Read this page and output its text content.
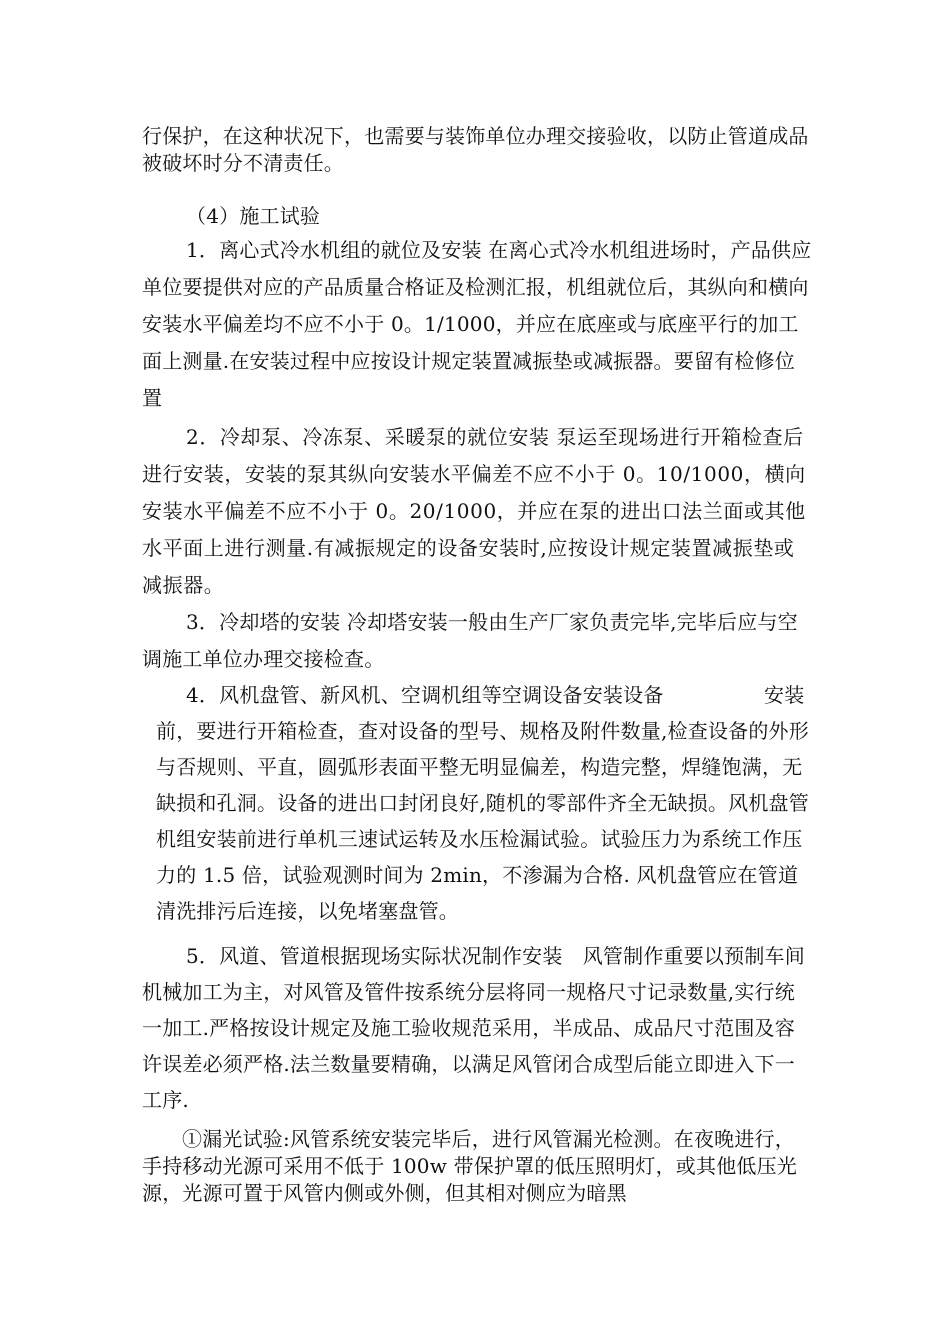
行保护，在这种状况下，也需要与装饰单位办理交接验收，以防止管道成品被破坏时分不清责任。

（4）施工试验

1．离心式冷水机组的就位及安装 在离心式冷水机组进场时，产品供应单位要提供对应的产品质量合格证及检测汇报，机组就位后，其纵向和横向安装水平偏差均不应不小于 0。1/1000，并应在底座或与底座平行的加工面上测量.在安装过程中应按设计规定装置减振垫或减振器。要留有检修位置

2．冷却泵、冷冻泵、采暖泵的就位安装 泵运至现场进行开箱检查后进行安装，安装的泵其纵向安装水平偏差不应不小于 0。10/1000，横向安装水平偏差不应不小于 0。20/1000，并应在泵的进出口法兰面或其他水平面上进行测量.有减振规定的设备安装时,应按设计规定装置减振垫或减振器。

3．冷却塔的安装 冷却塔安装一般由生产厂家负责完毕,完毕后应与空调施工单位办理交接检查。

4．风机盘管、新风机、空调机组等空调设备安装设备	安装前，要进行开箱检查，查对设备的型号、规格及附件数量,检查设备的外形与否规则、平直，圆弧形表面平整无明显偏差，构造完整，焊缝饱满，无缺损和孔洞。设备的进出口封闭良好,随机的零部件齐全无缺损。风机盘管机组安装前进行单机三速试运转及水压检漏试验。试验压力为系统工作压力的 1.5 倍，试验观测时间为 2min，不渗漏为合格. 风机盘管应在管道清洗排污后连接，以免堵塞盘管。

5．风道、管道根据现场实际状况制作安装　风管制作重要以预制车间机械加工为主，对风管及管件按系统分层将同一规格尺寸记录数量,实行统一加工.严格按设计规定及施工验收规范采用，半成品、成品尺寸范围及容许误差必须严格.法兰数量要精确，以满足风管闭合成型后能立即进入下一工序.

①漏光试验:风管系统安装完毕后，进行风管漏光检测。在夜晚进行，手持移动光源可采用不低于 100w 带保护罩的低压照明灯，或其他低压光源，光源可置于风管内侧或外侧，但其相对侧应为暗黑
